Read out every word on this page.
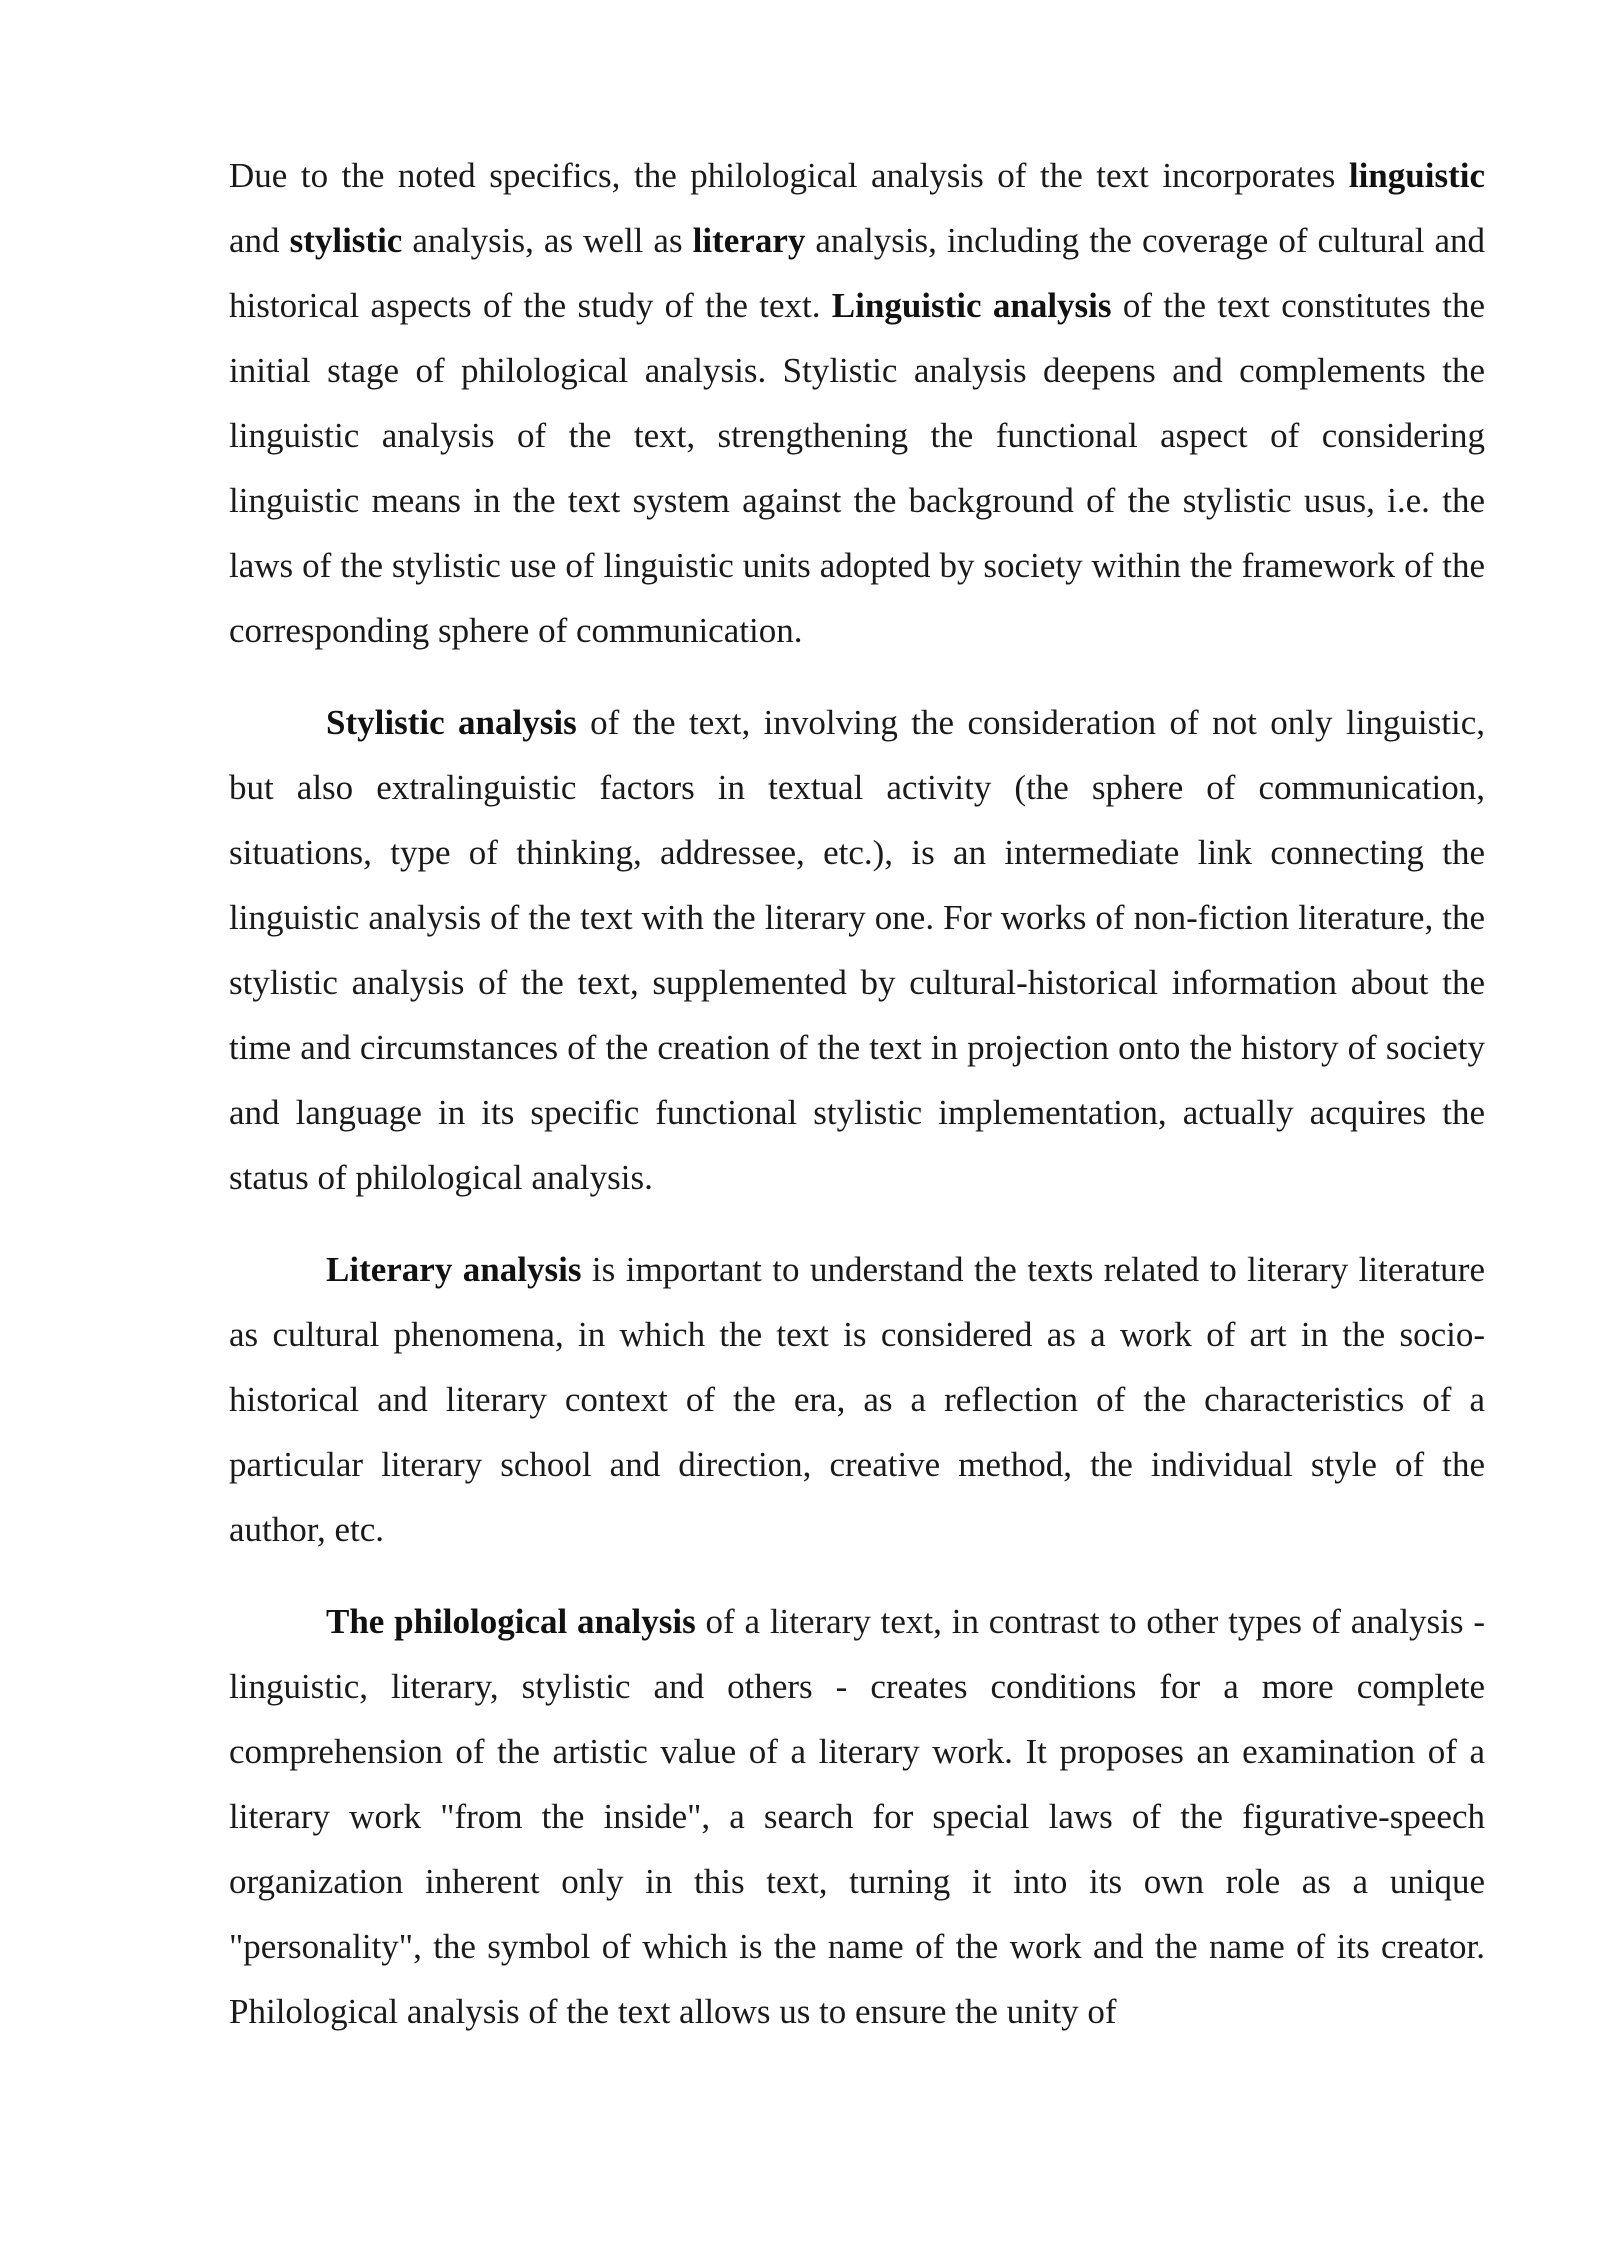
Due to the noted specifics, the philological analysis of the text incorporates linguistic and stylistic analysis, as well as literary analysis, including the coverage of cultural and historical aspects of the study of the text. Linguistic analysis of the text constitutes the initial stage of philological analysis. Stylistic analysis deepens and complements the linguistic analysis of the text, strengthening the functional aspect of considering linguistic means in the text system against the background of the stylistic usus, i.e. the laws of the stylistic use of linguistic units adopted by society within the framework of the corresponding sphere of communication.

Stylistic analysis of the text, involving the consideration of not only linguistic, but also extralinguistic factors in textual activity (the sphere of communication, situations, type of thinking, addressee, etc.), is an intermediate link connecting the linguistic analysis of the text with the literary one. For works of non-fiction literature, the stylistic analysis of the text, supplemented by cultural-historical information about the time and circumstances of the creation of the text in projection onto the history of society and language in its specific functional stylistic implementation, actually acquires the status of philological analysis.

Literary analysis is important to understand the texts related to literary literature as cultural phenomena, in which the text is considered as a work of art in the socio-historical and literary context of the era, as a reflection of the characteristics of a particular literary school and direction, creative method, the individual style of the author, etc.

The philological analysis of a literary text, in contrast to other types of analysis - linguistic, literary, stylistic and others - creates conditions for a more complete comprehension of the artistic value of a literary work. It proposes an examination of a literary work "from the inside", a search for special laws of the figurative-speech organization inherent only in this text, turning it into its own role as a unique "personality", the symbol of which is the name of the work and the name of its creator. Philological analysis of the text allows us to ensure the unity of
